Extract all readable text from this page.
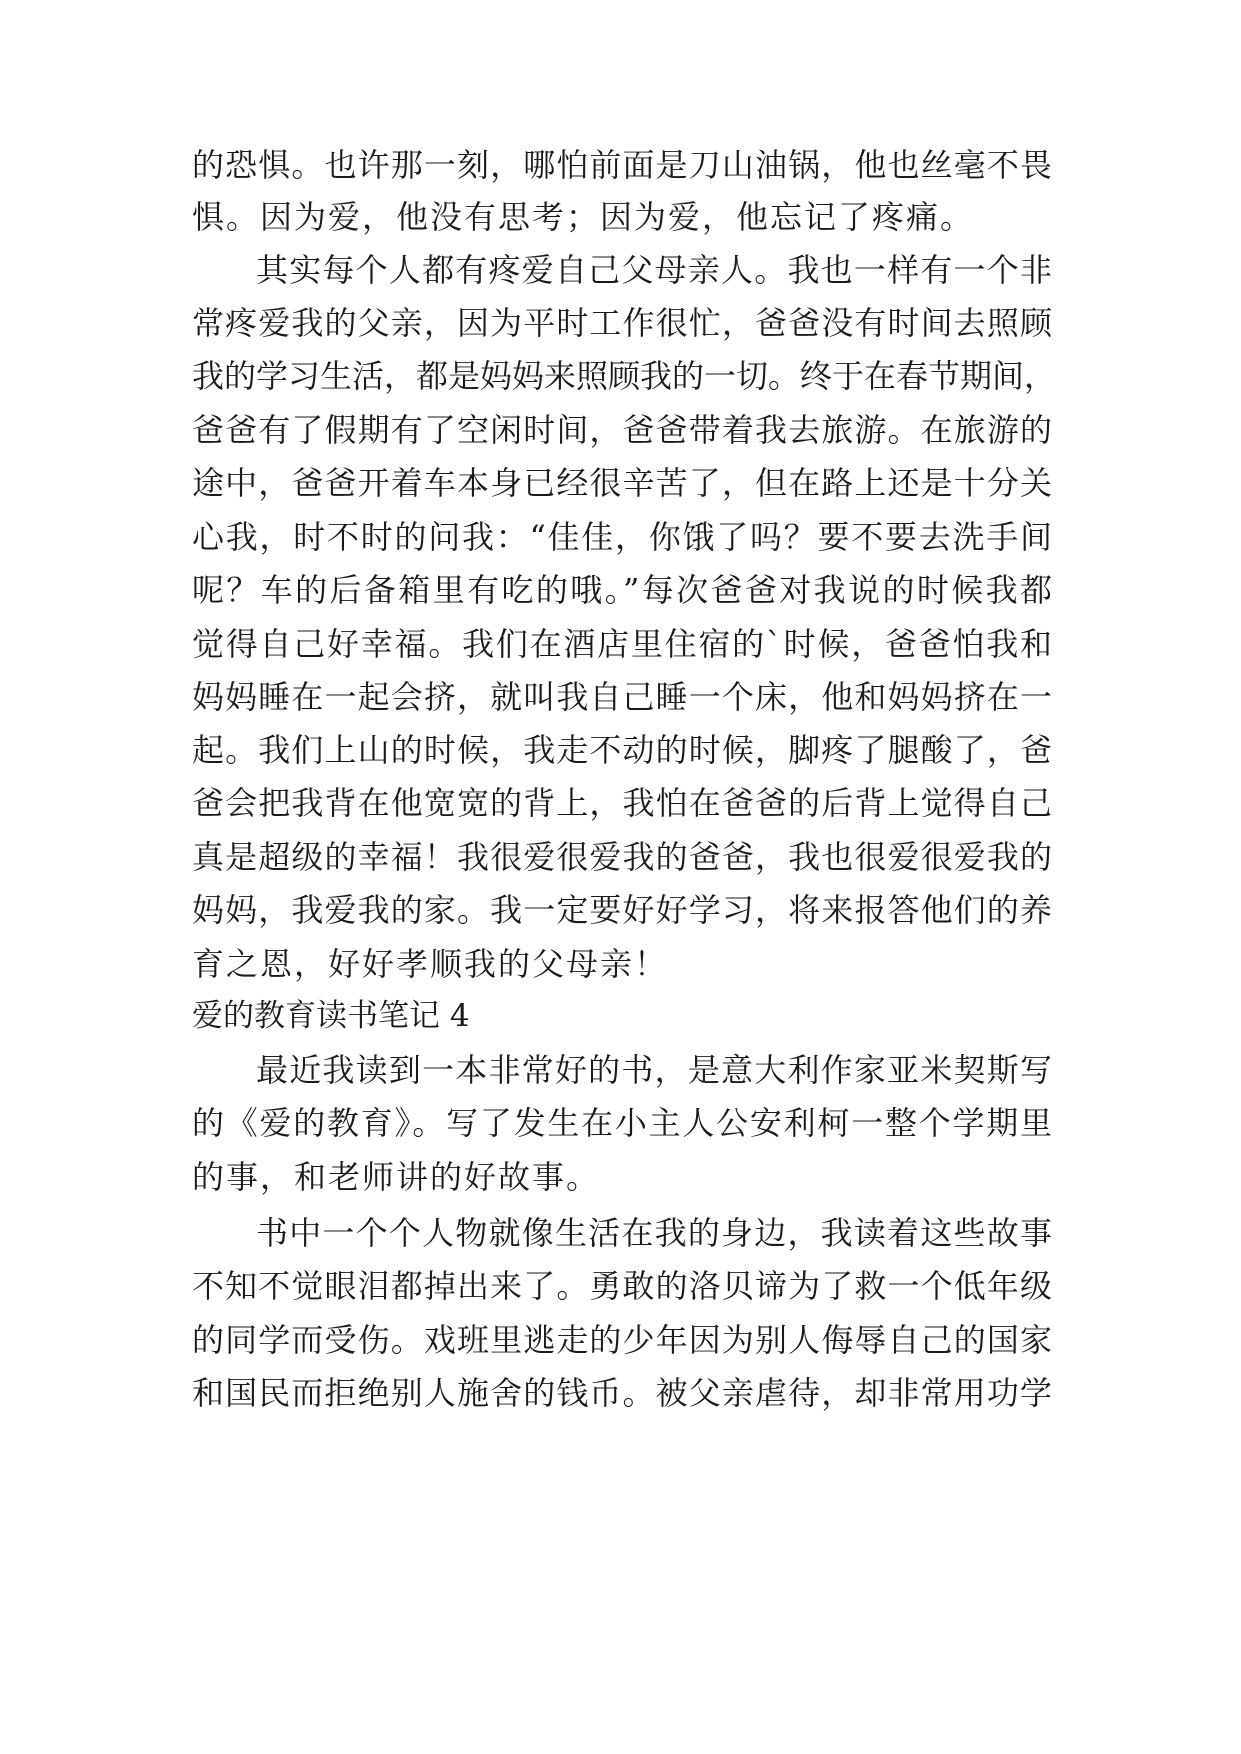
的恐惧。也许那一刻，哪怕前面是刀山油锅，他也丝毫不畏
惧。因为爱，他没有思考；因为爱，他忘记了疼痛。
其实每个人都有疼爱自己父母亲人。我也一样有一个非
常疼爱我的父亲，因为平时工作很忙，爸爸没有时间去照顾
我的学习生活，都是妈妈来照顾我的一切。终于在春节期间，
爸爸有了假期有了空闲时间，爸爸带着我去旅游。在旅游的
途中，爸爸开着车本身已经很辛苦了，但在路上还是十分关
心我，时不时的问我：“佳佳，你饿了吗？要不要去洗手间
呢？车的后备箱里有吃的哦。”每次爸爸对我说的时候我都
觉得自己好幸福。我们在酒店里住宿的`时候，爸爸怕我和
妈妈睡在一起会挤，就叫我自己睡一个床，他和妈妈挤在一
起。我们上山的时候，我走不动的时候，脚疼了腿酸了，爸
爸会把我背在他宽宽的背上，我怕在爸爸的后背上觉得自己
真是超级的幸福！我很爱很爱我的爸爸，我也很爱很爱我的
妈妈，我爱我的家。我一定要好好学习，将来报答他们的养
育之恩，好好孝顺我的父母亲！
爱的教育读书笔记 4
最近我读到一本非常好的书，是意大利作家亚米契斯写
的《爱的教育》。写了发生在小主人公安利柯一整个学期里
的事，和老师讲的好故事。
书中一个个人物就像生活在我的身边，我读着这些故事
不知不觉眼泪都掉出来了。勇敢的洛贝谛为了救一个低年级
的同学而受伤。戏班里逃走的少年因为别人侮辱自己的国家
和国民而拒绝别人施舍的钱币。被父亲虐待，却非常用功学
